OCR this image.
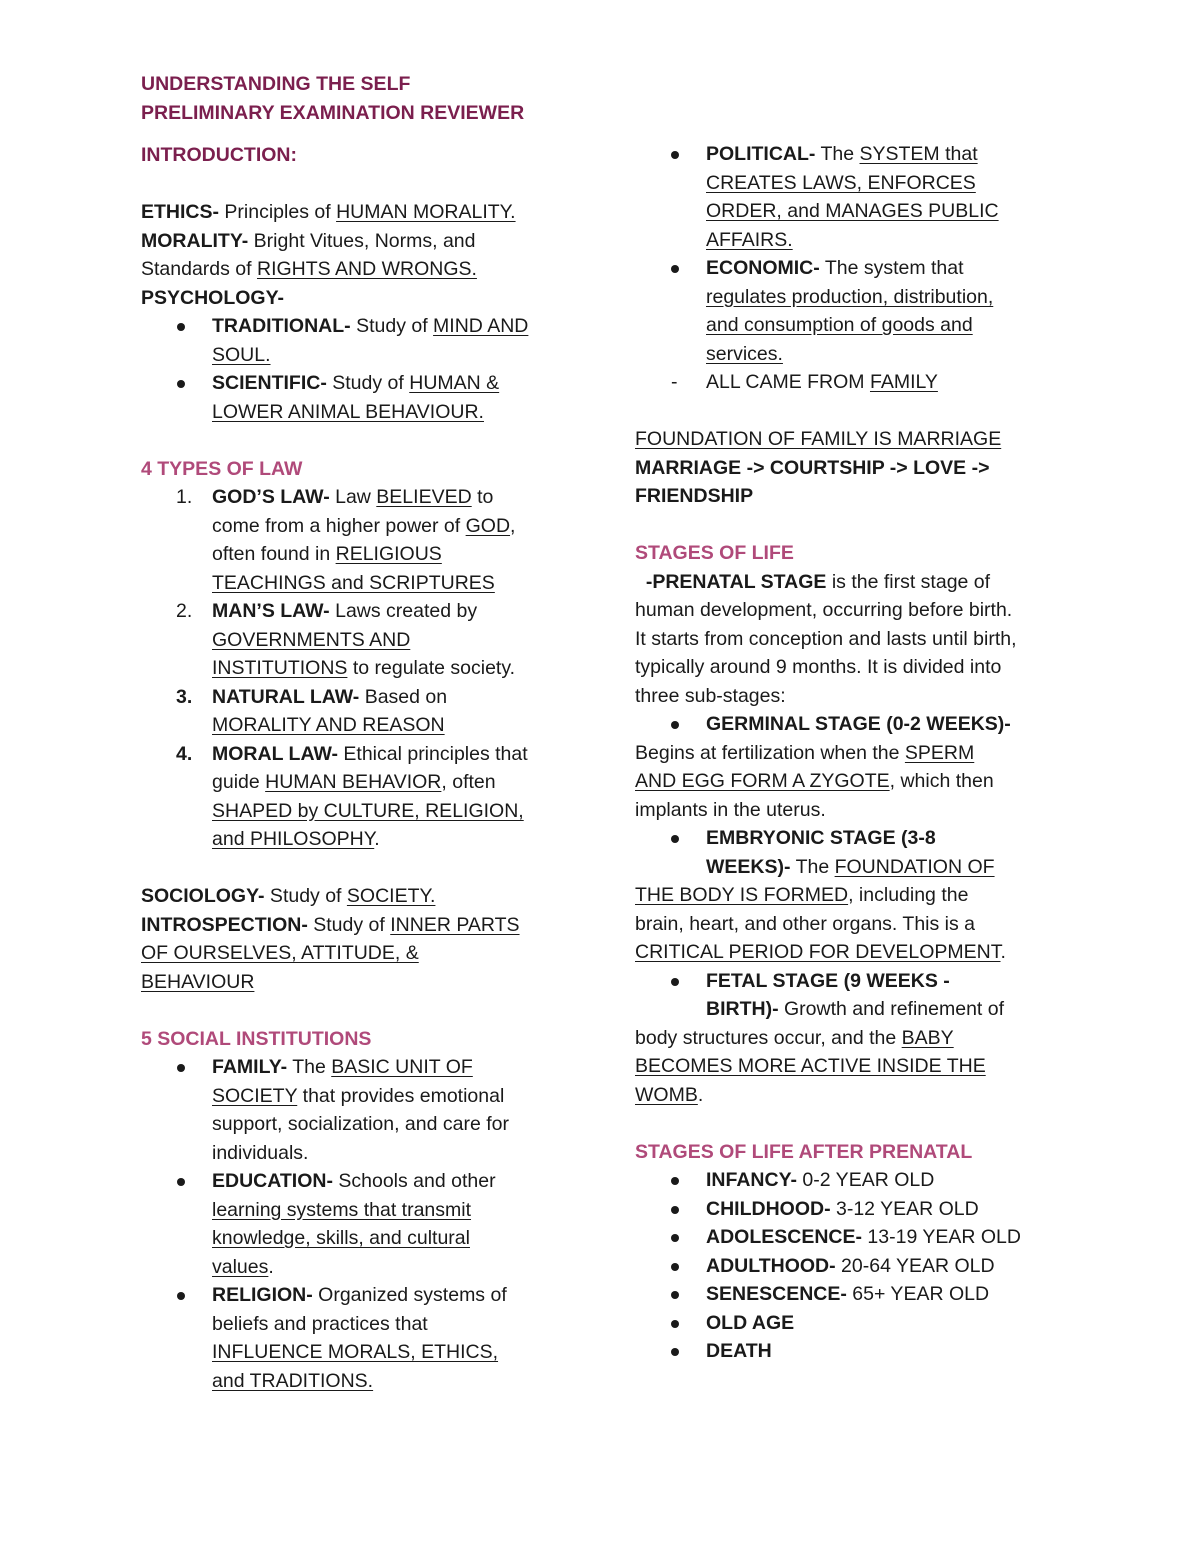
UNDERSTANDING THE SELF
PRELIMINARY EXAMINATION REVIEWER
INTRODUCTION:
ETHICS- Principles of HUMAN MORALITY.
MORALITY- Bright Vitues, Norms, and
Standards of RIGHTS AND WRONGS.
PSYCHOLOGY-
TRADITIONAL- Study of MIND AND
SOUL.
SCIENTIFIC- Study of HUMAN &
LOWER ANIMAL BEHAVIOUR.
4 TYPES OF LAW
1. GOD’S LAW- Law BELIEVED to
come from a higher power of GOD,
often found in RELIGIOUS
TEACHINGS and SCRIPTURES
2. MAN’S LAW- Laws created by
GOVERNMENTS AND
INSTITUTIONS to regulate society.
3. NATURAL LAW- Based on
MORALITY AND REASON
4. MORAL LAW- Ethical principles that
guide HUMAN BEHAVIOR, often
SHAPED by CULTURE, RELIGION,
and PHILOSOPHY.
SOCIOLOGY- Study of SOCIETY.
INTROSPECTION- Study of INNER PARTS
OF OURSELVES, ATTITUDE, &
BEHAVIOUR
5 SOCIAL INSTITUTIONS
FAMILY- The BASIC UNIT OF
SOCIETY that provides emotional
support, socialization, and care for
individuals.
EDUCATION- Schools and other
learning systems that transmit
knowledge, skills, and cultural
values.
RELIGION- Organized systems of
beliefs and practices that
INFLUENCE MORALS, ETHICS,
and TRADITIONS.
POLITICAL- The SYSTEM that
CREATES LAWS, ENFORCES
ORDER, and MANAGES PUBLIC
AFFAIRS.
ECONOMIC- The system that
regulates production, distribution,
and consumption of goods and
services.
- ALL CAME FROM FAMILY
FOUNDATION OF FAMILY IS MARRIAGE
MARRIAGE -> COURTSHIP -> LOVE ->
FRIENDSHIP
STAGES OF LIFE
-PRENATAL STAGE is the first stage of
human development, occurring before birth.
It starts from conception and lasts until birth,
typically around 9 months. It is divided into
three sub-stages:
GERMINAL STAGE (0-2 WEEKS)-
Begins at fertilization when the SPERM
AND EGG FORM A ZYGOTE, which then
implants in the uterus.
EMBRYONIC STAGE (3-8
WEEKS)- The FOUNDATION OF
THE BODY IS FORMED, including the
brain, heart, and other organs. This is a
CRITICAL PERIOD FOR DEVELOPMENT.
FETAL STAGE (9 WEEKS -
BIRTH)- Growth and refinement of
body structures occur, and the BABY
BECOMES MORE ACTIVE INSIDE THE
WOMB.
STAGES OF LIFE AFTER PRENATAL
INFANCY- 0-2 YEAR OLD
CHILDHOOD- 3-12 YEAR OLD
ADOLESCENCE- 13-19 YEAR OLD
ADULTHOOD- 20-64 YEAR OLD
SENESCENCE- 65+ YEAR OLD
OLD AGE
DEATH
